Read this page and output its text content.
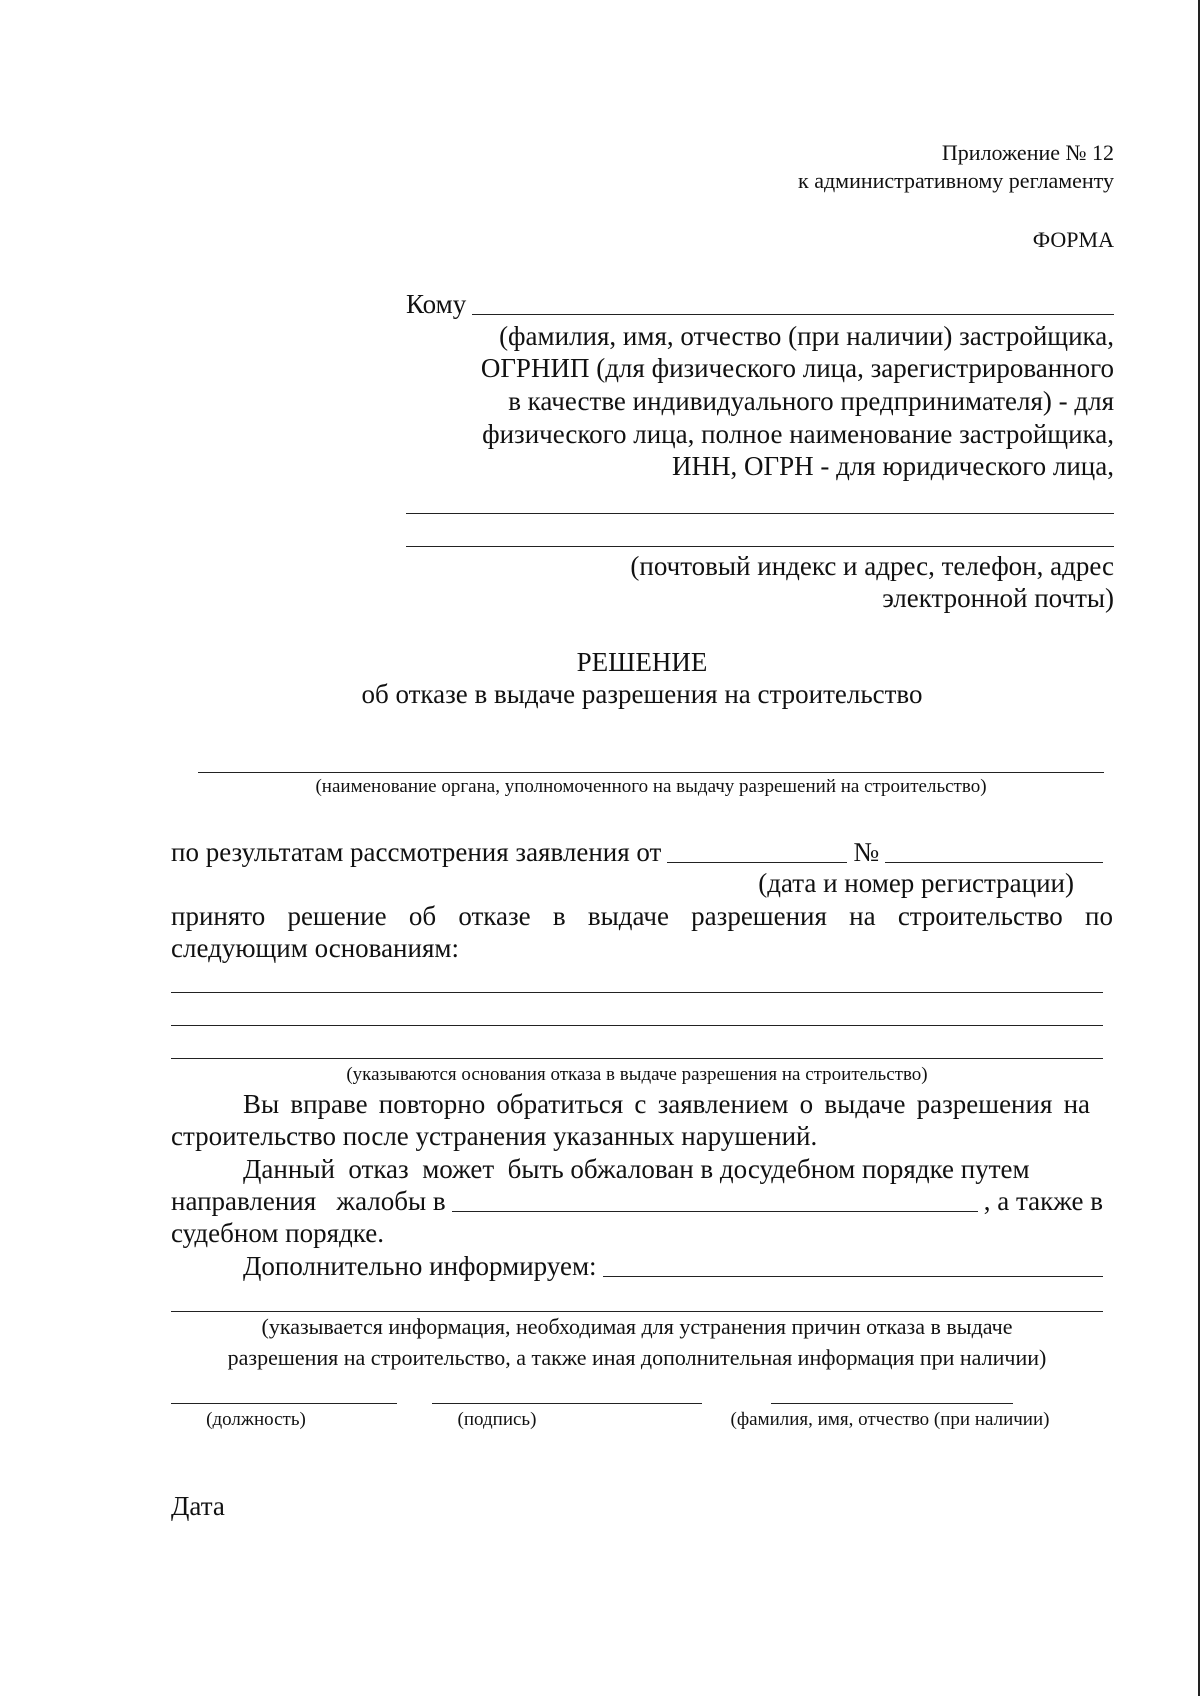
Приложение № 12
к административному регламенту
ФОРМА
Кому
(фамилия, имя, отчество (при наличии) застройщика,
ОГРНИП (для физического лица, зарегистрированного
в качестве индивидуального предпринимателя) - для
физического лица, полное наименование застройщика,
ИНН, ОГРН - для юридического лица,
(почтовый индекс и адрес, телефон, адрес
электронной почты)
РЕШЕНИЕ
об отказе в выдаче разрешения на строительство
(наименование органа, уполномоченного на выдачу разрешений на строительство)
по результатам рассмотрения заявления от	№
(дата и номер регистрации)
принято решение об отказе в выдаче разрешения на строительство по
следующим основаниям:
(указываются основания отказа в выдаче разрешения на строительство)
Вы вправе повторно обратиться с заявлением о выдаче разрешения на
строительство после устранения указанных нарушений.
Данный  отказ  может  быть обжалован в досудебном порядке путем
направления   жалобы в	, а также в
судебном порядке.
Дополнительно информируем:
(указывается информация, необходимая для устранения причин отказа в выдаче
разрешения на строительство, а также иная дополнительная информация при наличии)
(должность)	(подпись)	(фамилия, имя, отчество (при наличии)
Дата
